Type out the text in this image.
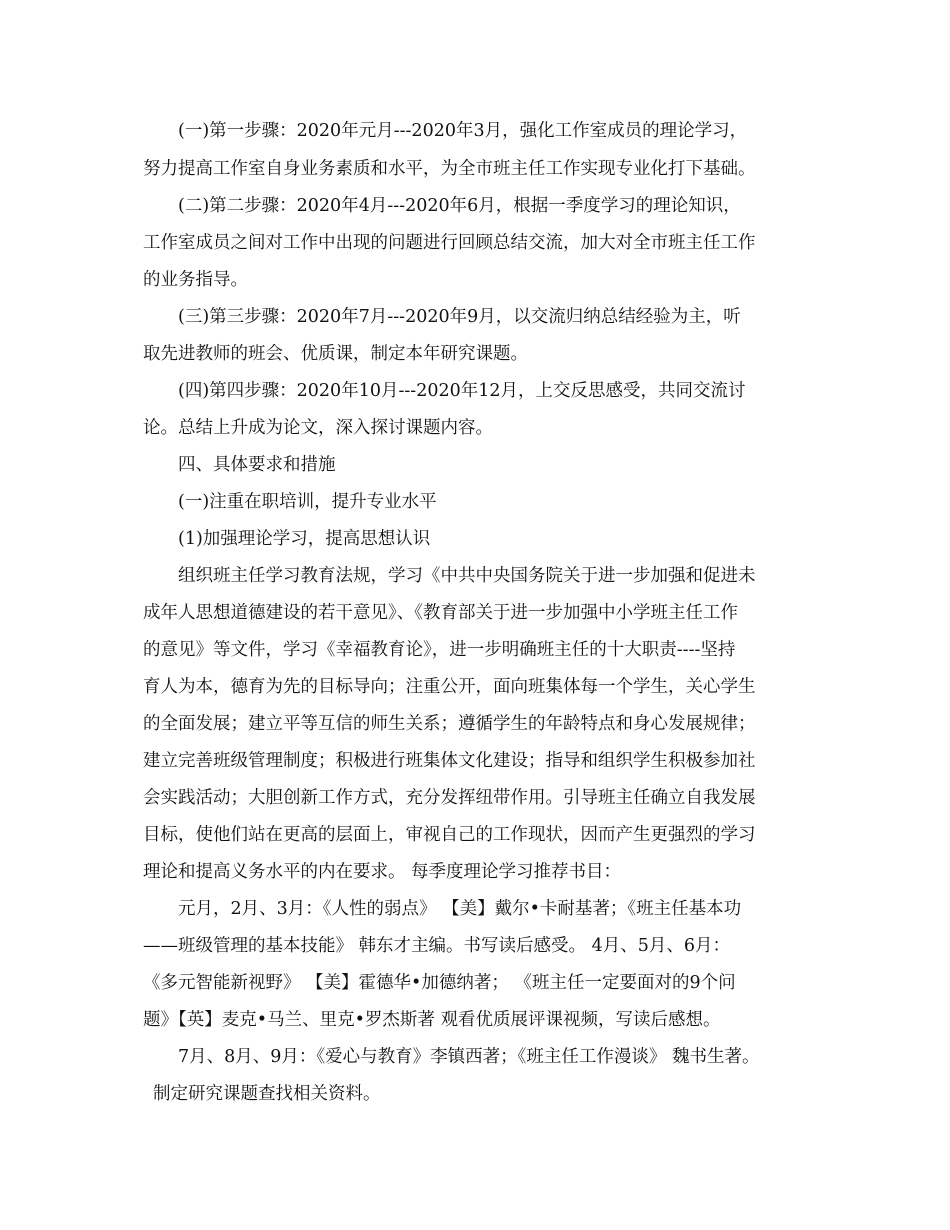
(一)第一步骤：2020年元月---2020年3月，强化工作室成员的理论学习，
努力提高工作室自身业务素质和水平，为全市班主任工作实现专业化打下基础。
(二)第二步骤：2020年4月---2020年6月，根据一季度学习的理论知识，
工作室成员之间对工作中出现的问题进行回顾总结交流，加大对全市班主任工作
的业务指导。
(三)第三步骤：2020年7月---2020年9月，以交流归纳总结经验为主，听
取先进教师的班会、优质课，制定本年研究课题。
(四)第四步骤：2020年10月---2020年12月，上交反思感受，共同交流讨
论。总结上升成为论文，深入探讨课题内容。
四、具体要求和措施
(一)注重在职培训，提升专业水平
(1)加强理论学习，提高思想认识
组织班主任学习教育法规，学习《中共中央国务院关于进一步加强和促进未
成年人思想道德建设的若干意见》、《教育部关于进一步加强中小学班主任工作
的意见》等文件，学习《幸福教育论》，进一步明确班主任的十大职责----坚持
育人为本，德育为先的目标导向；注重公开，面向班集体每一个学生，关心学生
的全面发展；建立平等互信的师生关系；遵循学生的年龄特点和身心发展规律；
建立完善班级管理制度；积极进行班集体文化建设；指导和组织学生积极参加社
会实践活动；大胆创新工作方式，充分发挥纽带作用。引导班主任确立自我发展
目标，使他们站在更高的层面上，审视自己的工作现状，因而产生更强烈的学习
理论和提高义务水平的内在要求。 每季度理论学习推荐书目：
元月，2月、3月：《人性的弱点》 【美】戴尔•卡耐基著；《班主任基本功
——班级管理的基本技能》 韩东才主编。书写读后感受。 4月、5月、6月：
《多元智能新视野》 【美】霍德华•加德纳著； 《班主任一定要面对的9个问
题》【英】麦克•马兰、里克•罗杰斯著 观看优质展评课视频，写读后感想。
7月、8月、9月：《爱心与教育》李镇西著；《班主任工作漫谈》 魏书生著。
制定研究课题查找相关资料。
